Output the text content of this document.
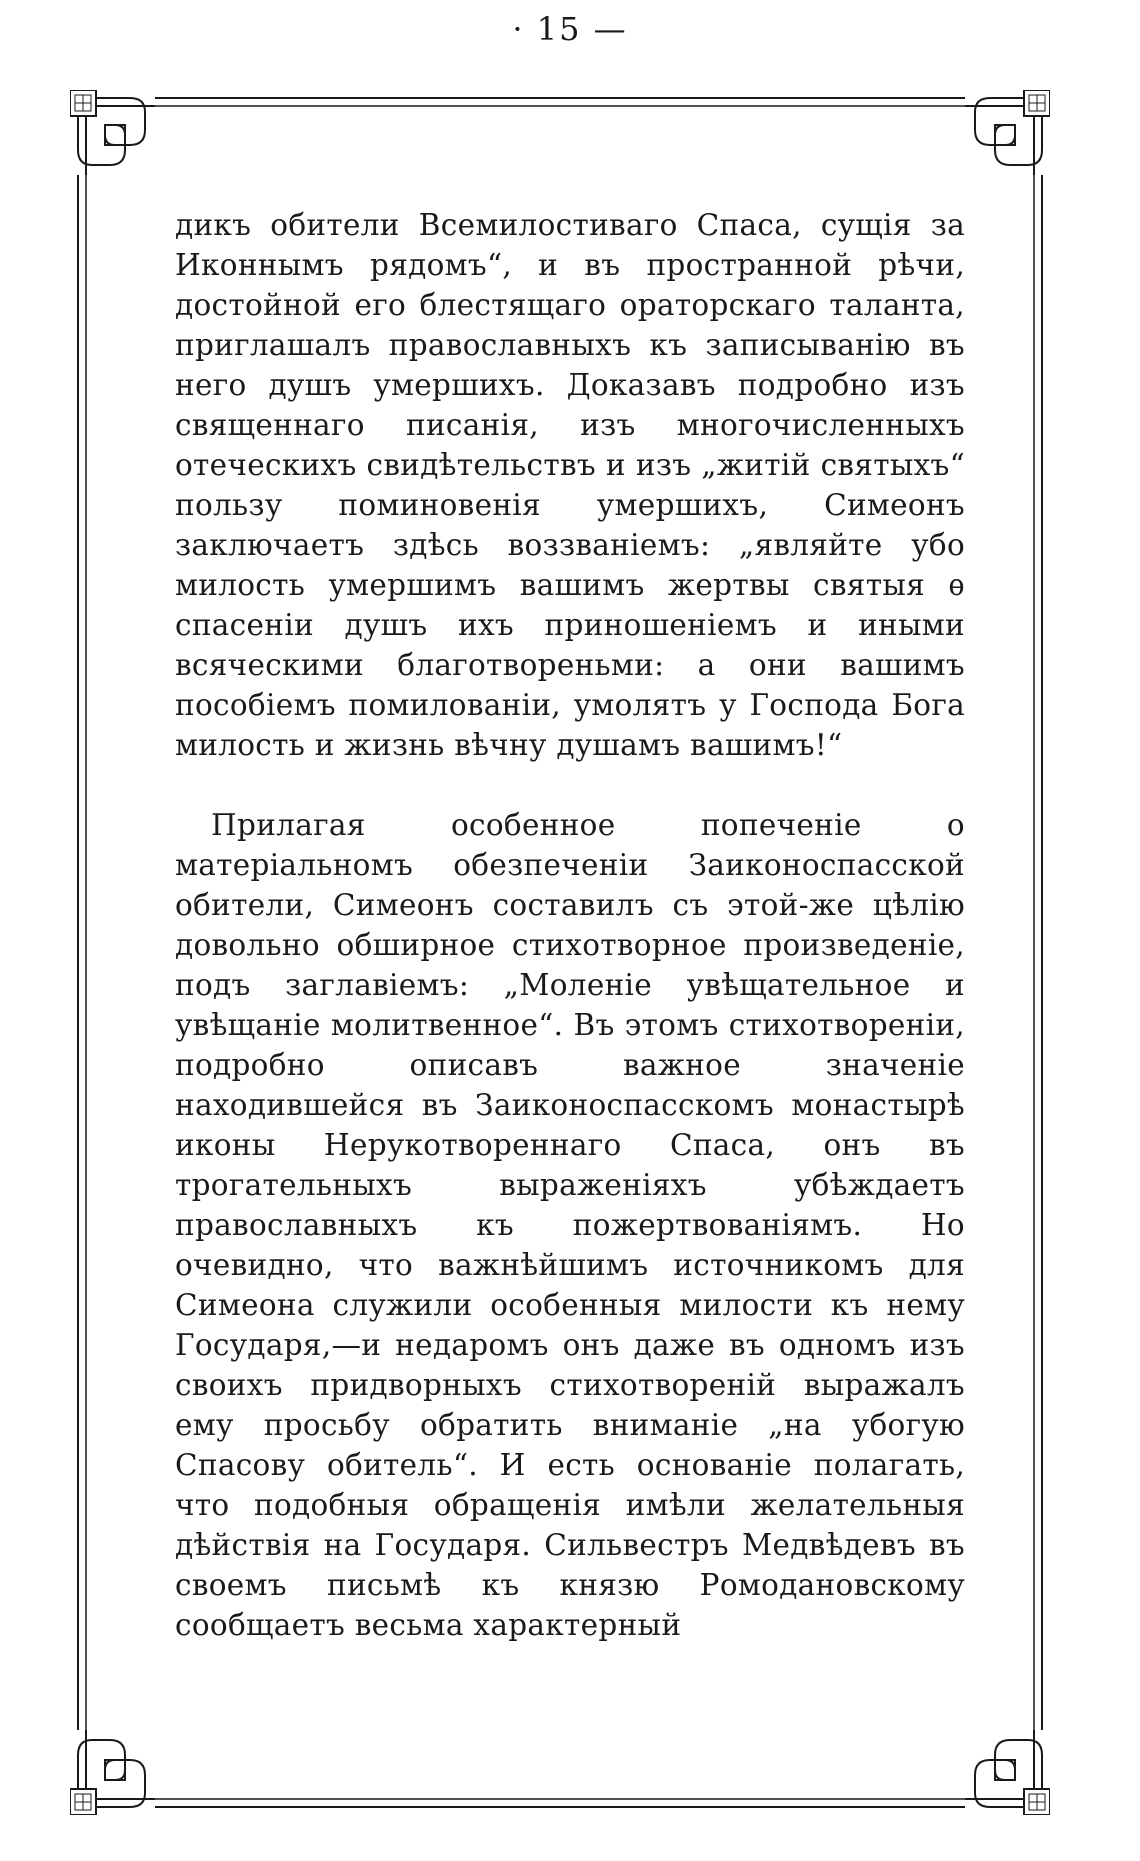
· 15 —

дикъ обители Всемилостиваго Спаса, сущія за Иконнымъ рядомъ“, и въ пространной рѣчи, достойной его блестящаго ораторскаго таланта, приглашалъ православныхъ къ записыванію въ него душъ умершихъ. Доказавъ подробно изъ священнаго писанія, изъ многочисленныхъ отеческихъ свидѣтельствъ и изъ „житій святыхъ“ пользу поминовенія умершихъ, Симеонъ заключаетъ здѣсь воззваніемъ: „являйте убо милость умершимъ вашимъ жертвы святыя ѳ спасеніи душъ ихъ приношеніемъ и иными всяческими благотвореньми: а они вашимъ пособіемъ помилованіи, умолятъ у Господа Бога милость и жизнь вѣчну душамъ вашимъ!“

Прилагая особенное попеченіе о матеріальномъ обезпеченіи Заиконоспасской обители, Симеонъ составилъ съ этой-же цѣлію довольно обширное стихотворное произведеніе, подъ заглавіемъ: „Моленіе увѣщательное и увѣщаніе молитвенное“. Въ этомъ стихотвореніи, подробно описавъ важное значеніе находившейся въ Заиконоспасскомъ монастырѣ иконы Нерукотвореннаго Спаса, онъ въ трогательныхъ выраженіяхъ убѣждаетъ православныхъ къ пожертвованіямъ. Но очевидно, что важнѣйшимъ источникомъ для Симеона служили особенныя милости къ нему Государя,—и недаромъ онъ даже въ одномъ изъ своихъ придворныхъ стихотвореній выражалъ ему просьбу обратить вниманіе „на убогую Спасову обитель“. И есть основаніе полагать, что подобныя обращенія имѣли желательныя дѣйствія на Государя. Сильвестръ Медвѣдевъ въ своемъ письмѣ къ князю Ромодановскому сообщаетъ весьма характерный
